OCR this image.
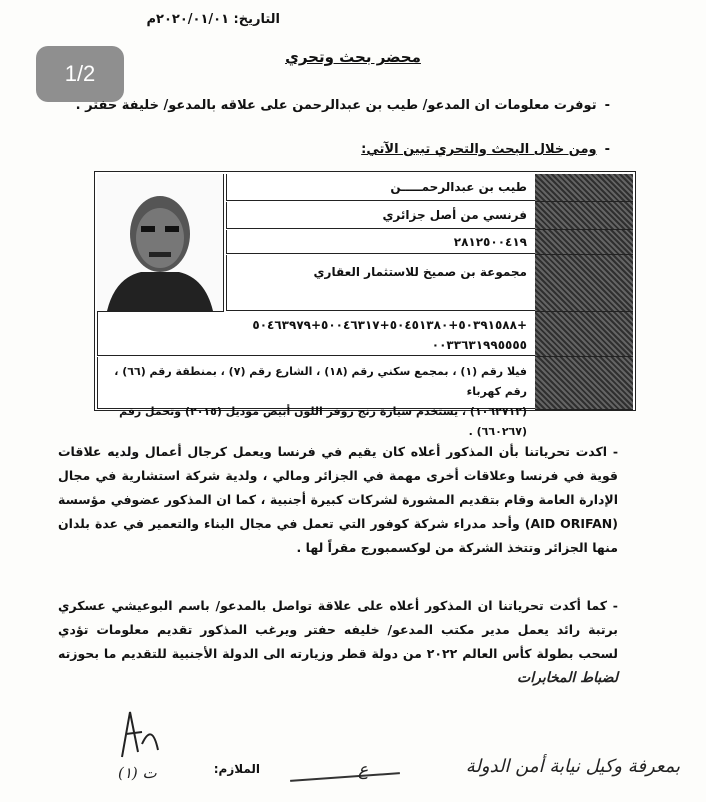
التاريخ: ٢٠٢٠/٠١/٠١م
1/2
محضر بحث وتحري
-توفرت معلومات ان المدعو/ طيب بن عبدالرحمن على علاقه بالمدعو/ خليفة حفتر .
-ومن خلال البحث والتحري تبين الآتي:
طيب بن عبدالرحمـــــن
فرنسي من أصل جزائري
٢٨١٢٥٠٠٤١٩
مجموعة بن صميخ للاستثمار العقاري
+٥٠٣٩١٥٨٨+٥٠٤٥١٣٨٠+٥٠٠٤٦٣١٧+٥٠٤٦٣٩٧٩
٠٠٣٣٦٣١٩٩٥٥٥٥
فيلا رقم (١) ، بمجمع سكني رقم (١٨) ، الشارع رقم (٧) ، بمنطقة رقم (٦٦) ، رقم كهرباء
(١٠٦٢٧١٢) ، يستخدم سيارة رنج روفر اللون أبيض موديل (٢٠١٥) وتحمل رقم (٦٦٠٢٦٧) .
- اكدت تحرياتنا بأن المذكور أعلاه كان يقيم في فرنسا ويعمل كرجال أعمال ولديه علاقات قوية في فرنسا وعلاقات أخرى مهمة في الجزائر ومالي ، ولدية شركة استشارية في مجال الإدارة العامة وقام بتقديم المشورة لشركات كبيرة أجنبية ، كما ان المذكور عضوفي مؤسسة (AID ORIFAN) وأحد مدراء شركة كوفور التي تعمل في مجال البناء والتعمير في عدة بلدان منها الجزائر وتتخذ الشركة من لوكسمبورج مقراً لها .
- كما أكدت تحرياتنا ان المذكور أعلاه على علاقة تواصل بالمدعو/ باسم البوعيشي عسكري برتبة رائد يعمل مدير مكتب المدعو/ خليفه حفتر ويرغب المذكور تقديم معلومات تؤدي لسحب بطولة كأس العالم ٢٠٢٢ من دولة قطر وزيارته الى الدولة الأجنبية للتقديم ما بحوزته لضباط المخابرات
الملازم:
ت (١)	ع	بمعرفة وكيل نيابة أمن الدولة
